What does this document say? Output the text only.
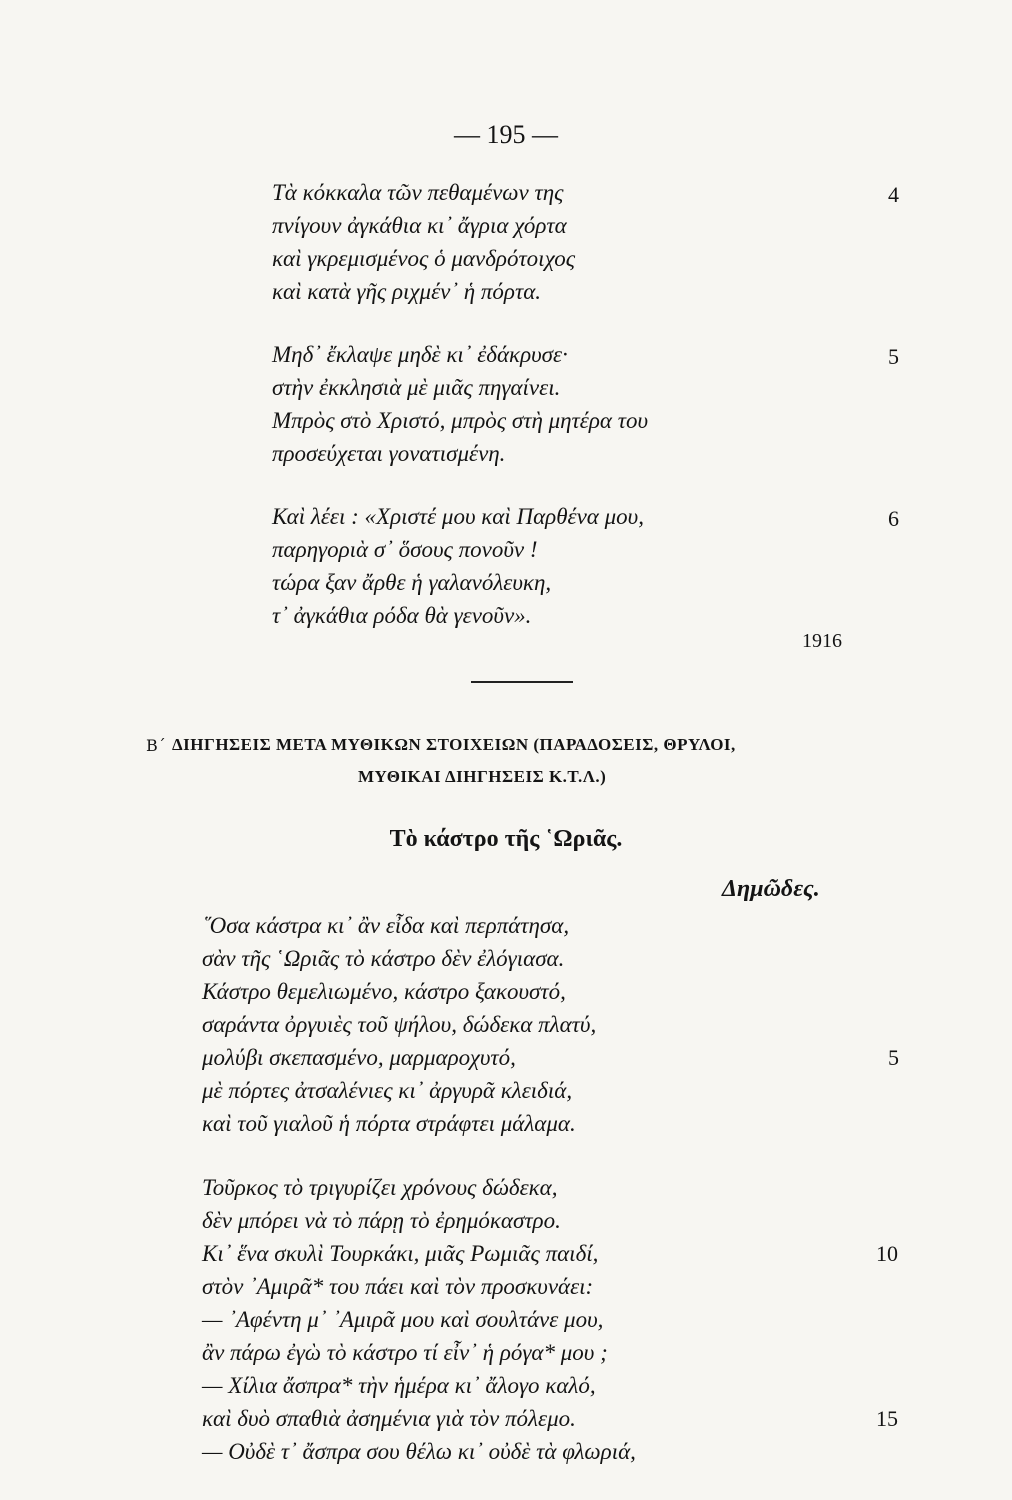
— 195 —
Τὰ κόκκαλα τῶν πεθαμένων της
πνίγουν ἀγκάθια κι᾽ ἄγρια χόρτα
καὶ γκρεμισμένος ὁ μανδρότοιχος
καὶ κατὰ γῆς ριχμέν᾽ ἡ πόρτα.
4
Μηδ᾽ ἔκλαψε μηδὲ κι᾽ ἐδάκρυσε·
στὴν ἐκκλησιὰ μὲ μιᾶς πηγαίνει.
Μπρὸς στὸ Χριστό, μπρὸς στὴ μητέρα του
προσεύχεται γονατισμένη.
5
Καὶ λέει : «Χριστέ μου καὶ Παρθένα μου,
παρηγοριὰ σ᾽ ὅσους πονοῦν !
τώρα ξαν ἄρθε ἡ γαλανόλευκη,
τ᾽ ἀγκάθια ρόδα θὰ γενοῦν».
6
1916
Β΄ ΔΙΗΓΗΣΕΙΣ ΜΕΤΑ ΜΥΘΙΚΩΝ ΣΤΟΙΧΕΙΩΝ (ΠΑΡΑΔΟΣΕΙΣ, ΘΡΥΛΟΙ,
ΜΥΘΙΚΑΙ ΔΙΗΓΗΣΕΙΣ Κ.Τ.Λ.)
Τὸ κάστρο τῆς ῾Ωριᾶς.
Δημῶδες.
῞Οσα κάστρα κι᾽ ἂν εἶδα καὶ περπάτησα,
σὰν τῆς ῾Ωριᾶς τὸ κάστρο δὲν ἐλόγιασα.
Κάστρο θεμελιωμένο, κάστρο ξακουστό,
σαράντα ὀργυιὲς τοῦ ψήλου, δώδεκα πλατύ,
μολύβι σκεπασμένο, μαρμαροχυτό,
μὲ πόρτες ἀτσαλένιες κι᾽ ἀργυρᾶ κλειδιά,
καὶ τοῦ γιαλοῦ ἡ πόρτα στράφτει μάλαμα.
Τοῦρκος τὸ τριγυρίζει χρόνους δώδεκα,
δὲν μπόρει νὰ τὸ πάρῃ τὸ ἐρημόκαστρο.
Κι᾽ ἕνα σκυλὶ Τουρκάκι, μιᾶς Ρωμιᾶς παιδί,
στὸν ᾽Αμιρᾶ* του πάει καὶ τὸν προσκυνάει:
— ᾽Αφέντη μ᾽ ᾽Αμιρᾶ μου καὶ σουλτάνε μου,
ἂν πάρω ἐγὼ τὸ κάστρο τί εἶν᾽ ἡ ρόγα* μου ;
— Χίλια ἄσπρα* τὴν ἡμέρα κι᾽ ἄλογο καλό,
καὶ δυὸ σπαθιὰ ἀσημένια γιὰ τὸν πόλεμο.
— Οὐδὲ τ᾽ ἄσπρα σου θέλω κι᾽ οὐδὲ τὰ φλωριά,
5
10
15
